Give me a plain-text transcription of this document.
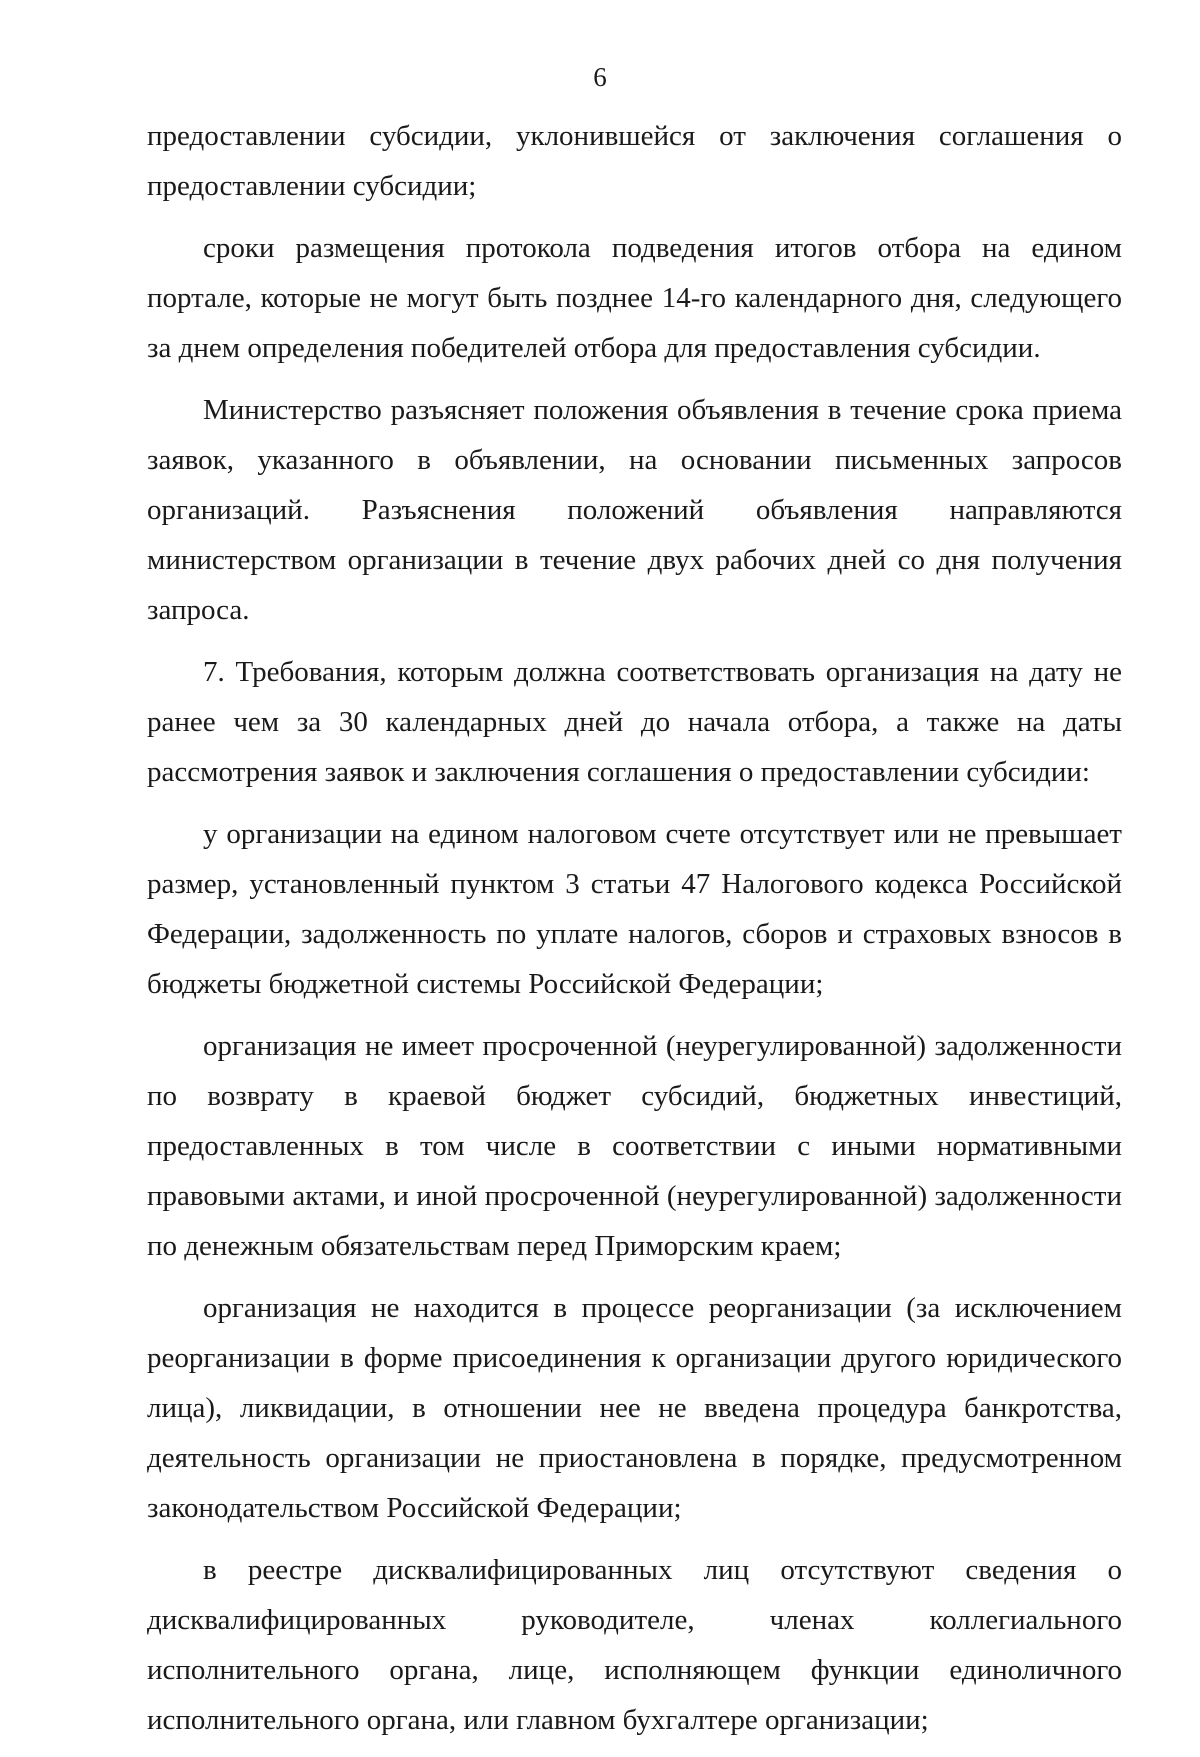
6

предоставлении субсидии, уклонившейся от заключения соглашения о предоставлении субсидии;

сроки размещения протокола подведения итогов отбора на едином портале, которые не могут быть позднее 14-го календарного дня, следующего за днем определения победителей отбора для предоставления субсидии.

Министерство разъясняет положения объявления в течение срока приема заявок, указанного в объявлении, на основании письменных запросов организаций. Разъяснения положений объявления направляются министерством организации в течение двух рабочих дней со дня получения запроса.

7. Требования, которым должна соответствовать организация на дату не ранее чем за 30 календарных дней до начала отбора, а также на даты рассмотрения заявок и заключения соглашения о предоставлении субсидии:

у организации на едином налоговом счете отсутствует или не превышает размер, установленный пунктом 3 статьи 47 Налогового кодекса Российской Федерации, задолженность по уплате налогов, сборов и страховых взносов в бюджеты бюджетной системы Российской Федерации;

организация не имеет просроченной (неурегулированной) задолженности по возврату в краевой бюджет субсидий, бюджетных инвестиций, предоставленных в том числе в соответствии с иными нормативными правовыми актами, и иной просроченной (неурегулированной) задолженности по денежным обязательствам перед Приморским краем;

организация не находится в процессе реорганизации (за исключением реорганизации в форме присоединения к организации другого юридического лица), ликвидации, в отношении нее не введена процедура банкротства, деятельность организации не приостановлена в порядке, предусмотренном законодательством Российской Федерации;

в реестре дисквалифицированных лиц отсутствуют сведения о дисквалифицированных руководителе, членах коллегиального исполнительного органа, лице, исполняющем функции единоличного исполнительного органа, или главном бухгалтере организации;
